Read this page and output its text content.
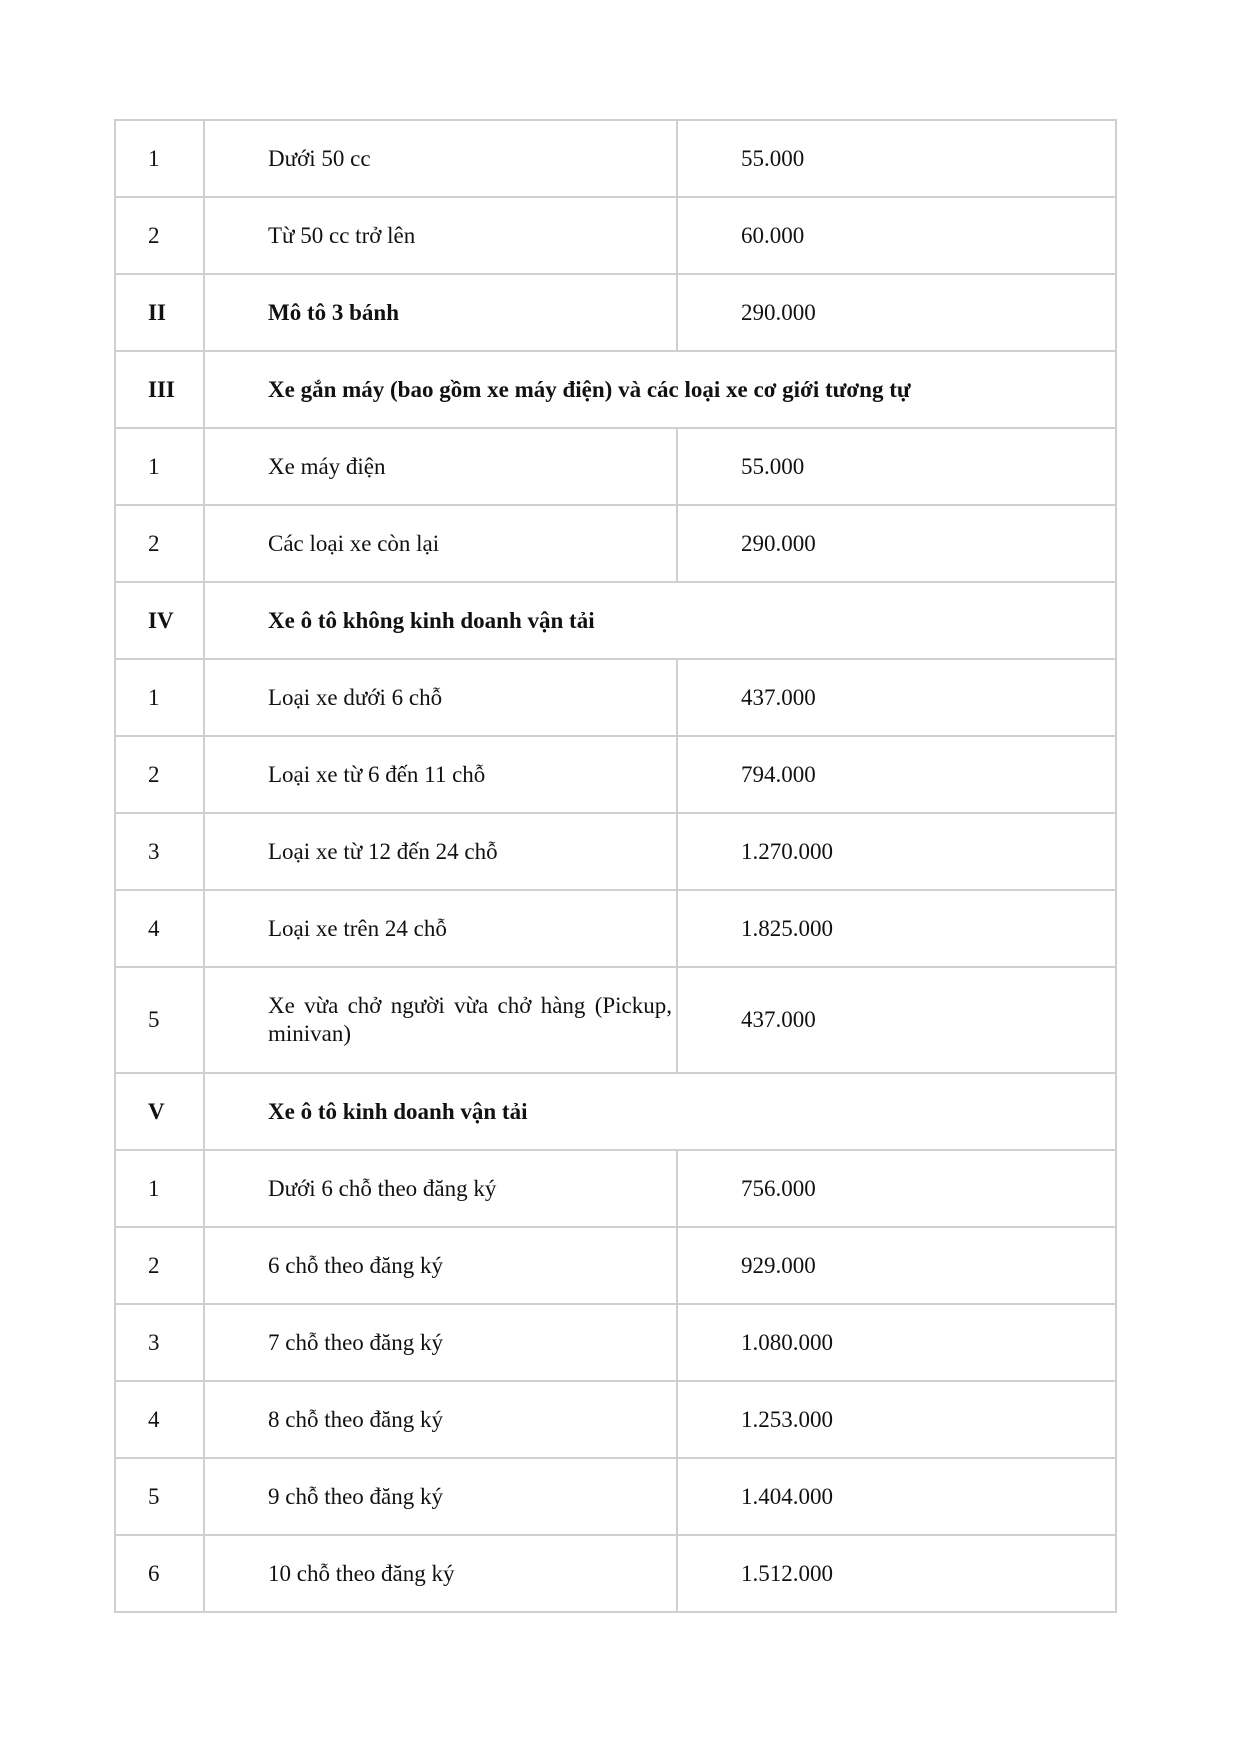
1	Dưới 50 cc	55.000
2	Từ 50 cc trở lên	60.000
II	Mô tô 3 bánh	290.000
III	Xe gắn máy (bao gồm xe máy điện) và các loại xe cơ giới tương tự	
1	Xe máy điện	55.000
2	Các loại xe còn lại	290.000
IV	Xe ô tô không kinh doanh vận tải	
1	Loại xe dưới 6 chỗ	437.000
2	Loại xe từ 6 đến 11 chỗ	794.000
3	Loại xe từ 12 đến 24 chỗ	1.270.000
4	Loại xe trên 24 chỗ	1.825.000
5	Xe vừa chở người vừa chở hàng (Pickup, minivan)	437.000
V	Xe ô tô kinh doanh vận tải	
1	Dưới 6 chỗ theo đăng ký	756.000
2	6 chỗ theo đăng ký	929.000
3	7 chỗ theo đăng ký	1.080.000
4	8 chỗ theo đăng ký	1.253.000
5	9 chỗ theo đăng ký	1.404.000
6	10 chỗ theo đăng ký	1.512.000
